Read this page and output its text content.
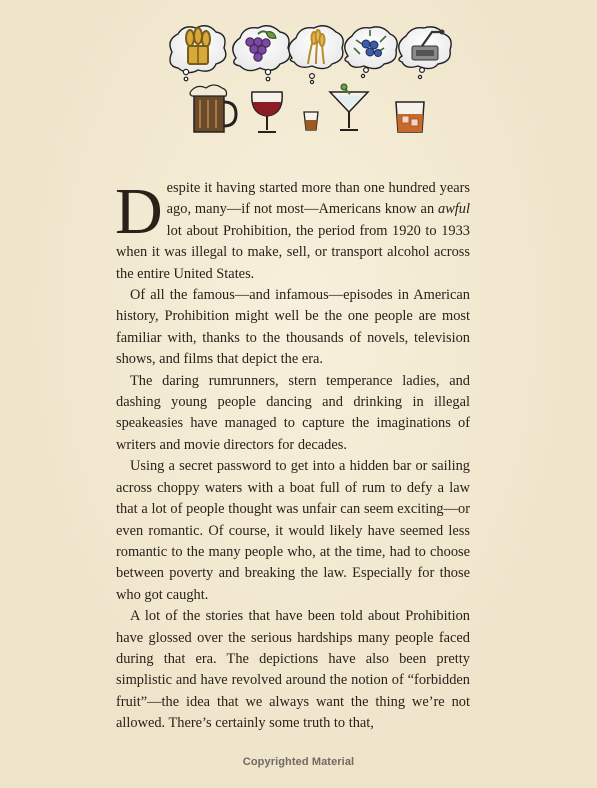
Despite it having started more than one hundred years ago, many—if not most—Americans know an awful lot about Prohibition, the period from 1920 to 1933 when it was illegal to make, sell, or transport alcohol across the entire United States.

Of all the famous—and infamous—episodes in American history, Prohibition might well be the one people are most familiar with, thanks to the thousands of novels, television shows, and films that depict the era.

The daring rumrunners, stern temperance ladies, and dashing young people dancing and drinking in illegal speakeasies have managed to capture the imaginations of writers and movie directors for decades.

Using a secret password to get into a hidden bar or sailing across choppy waters with a boat full of rum to defy a law that a lot of people thought was unfair can seem exciting—or even romantic. Of course, it would likely have seemed less romantic to the many people who, at the time, had to choose between poverty and breaking the law. Especially for those who got caught.

A lot of the stories that have been told about Prohibition have glossed over the serious hardships many people faced during that era. The depictions have also been pretty simplistic and have revolved around the notion of “forbidden fruit”—the idea that we always want the thing we’re not allowed. There’s certainly some truth to that,

Copyrighted Material
